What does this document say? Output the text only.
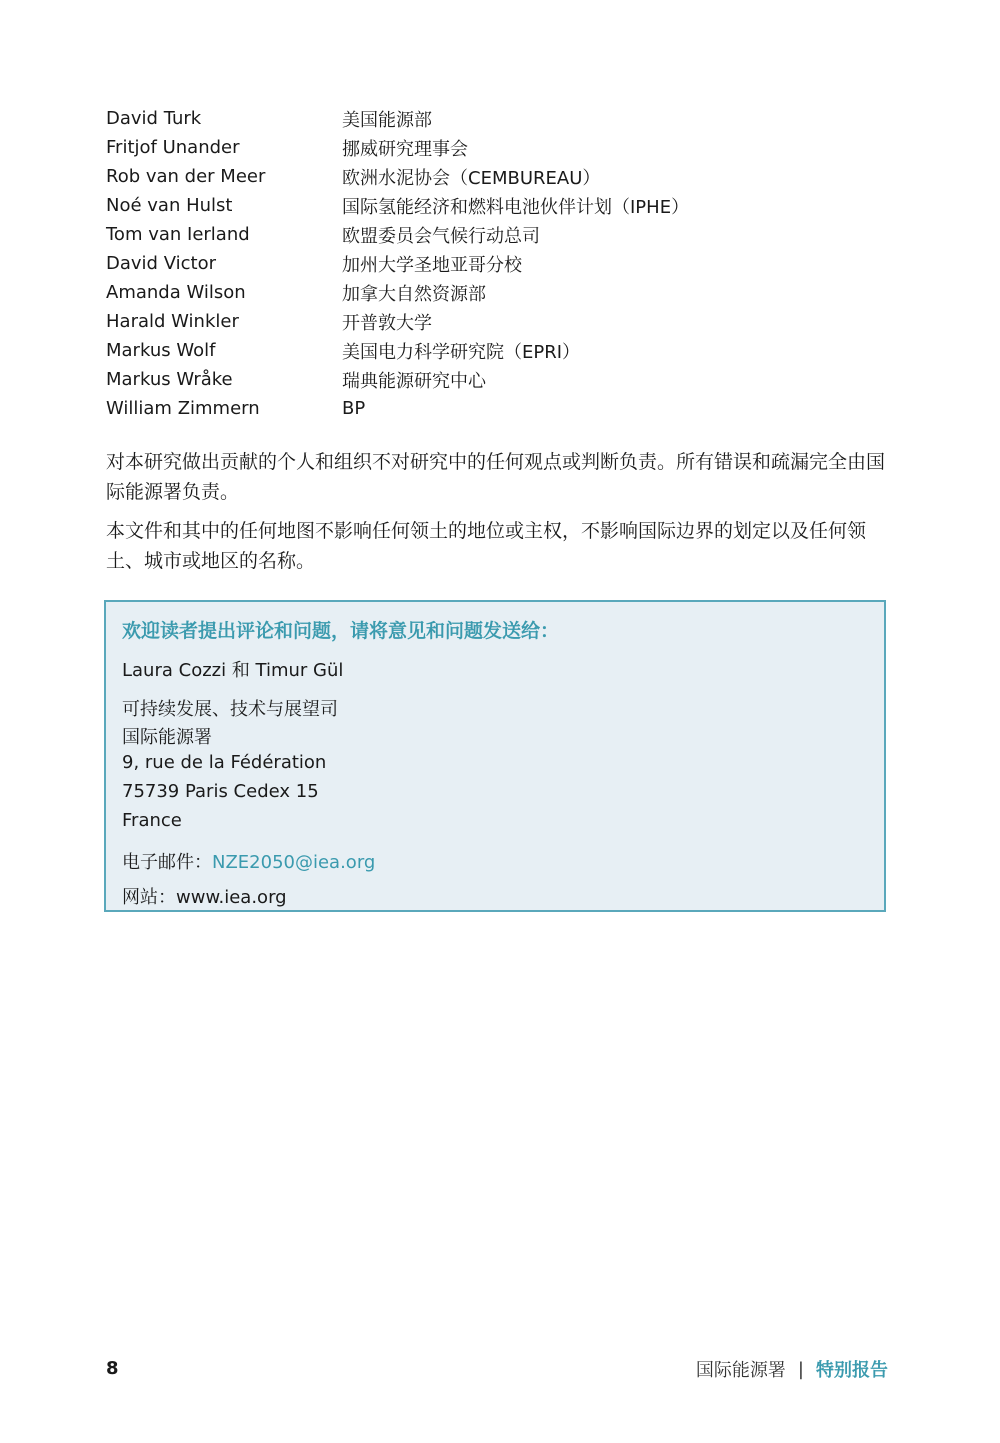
David Turk	美国能源部
Fritjof Unander	挪威研究理事会
Rob van der Meer	欧洲水泥协会（CEMBUREAU）
Noé van Hulst	国际氢能经济和燃料电池伙伴计划（IPHE）
Tom van Ierland	欧盟委员会气候行动总司
David Victor	加州大学圣地亚哥分校
Amanda Wilson	加拿大自然资源部
Harald Winkler	开普敦大学
Markus Wolf	美国电力科学研究院（EPRI）
Markus Wråke	瑞典能源研究中心
William Zimmern	BP

对本研究做出贡献的个人和组织不对研究中的任何观点或判断负责。所有错误和疏漏完全由国际能源署负责。

本文件和其中的任何地图不影响任何领土的地位或主权，不影响国际边界的划定以及任何领土、城市或地区的名称。

欢迎读者提出评论和问题，请将意见和问题发送给：
Laura Cozzi 和 Timur Gül
可持续发展、技术与展望司
国际能源署
9, rue de la Fédération
75739 Paris Cedex 15
France
电子邮件：NZE2050@iea.org
网站：www.iea.org
8	国际能源署 | 特别报告
